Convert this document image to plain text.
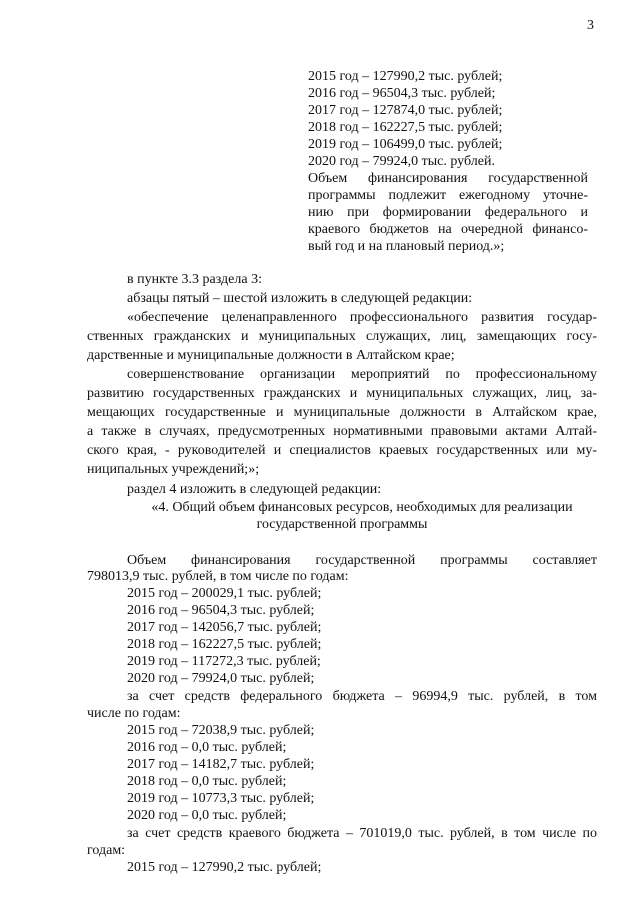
3
2015 год – 127990,2 тыс. рублей;
2016 год – 96504,3 тыс. рублей;
2017 год – 127874,0 тыс. рублей;
2018 год – 162227,5 тыс. рублей;
2019 год – 106499,0 тыс. рублей;
2020 год – 79924,0 тыс. рублей.
Объем финансирования государственной
программы подлежит ежегодному уточне-
нию при формировании федерального и
краевого бюджетов на очередной финансо-
вый год и на плановый период.»;
в пункте 3.3 раздела 3:
абзацы пятый – шестой изложить в следующей редакции:
«обеспечение целенаправленного профессионального развития государ-
ственных гражданских и муниципальных служащих, лиц, замещающих госу-
дарственные и муниципальные должности в Алтайском крае;
совершенствование организации мероприятий по профессиональному
развитию государственных гражданских и муниципальных служащих, лиц, за-
мещающих государственные и муниципальные должности в Алтайском крае,
а также в случаях, предусмотренных нормативными правовыми актами Алтай-
ского края, - руководителей и специалистов краевых государственных или му-
ниципальных учреждений;»;
раздел 4 изложить в следующей редакции:
«4. Общий объем финансовых ресурсов, необходимых для реализации
государственной программы
Объем финансирования государственной программы составляет
798013,9 тыс. рублей, в том числе по годам:
2015 год – 200029,1 тыс. рублей;
2016 год – 96504,3 тыс. рублей;
2017 год – 142056,7 тыс. рублей;
2018 год – 162227,5 тыс. рублей;
2019 год – 117272,3 тыс. рублей;
2020 год – 79924,0 тыс. рублей;
за счет средств федерального бюджета – 96994,9 тыс. рублей, в том
числе по годам:
2015 год – 72038,9 тыс. рублей;
2016 год – 0,0 тыс. рублей;
2017 год – 14182,7 тыс. рублей;
2018 год – 0,0 тыс. рублей;
2019 год – 10773,3 тыс. рублей;
2020 год – 0,0 тыс. рублей;
за счет средств краевого бюджета – 701019,0 тыс. рублей, в том числе по
годам:
2015 год – 127990,2 тыс. рублей;
